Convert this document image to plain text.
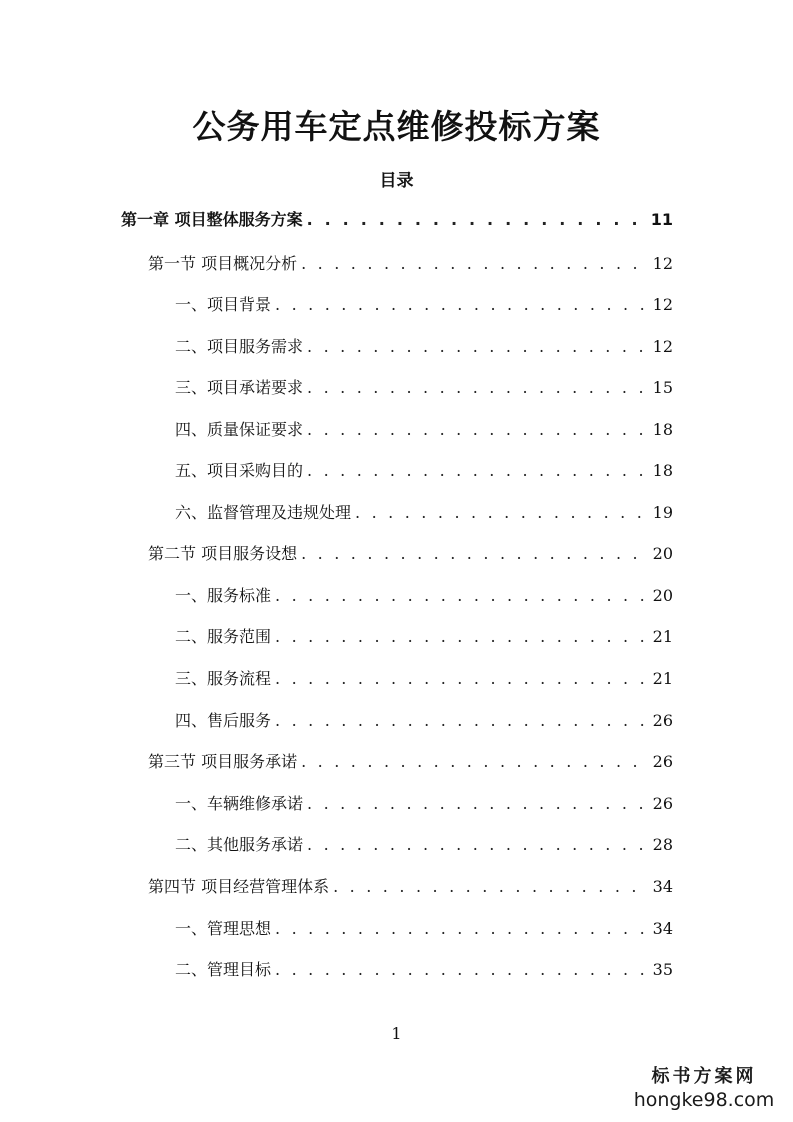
公务用车定点维修投标方案
目录
第一章 项目整体服务方案 . . .	11
第一节 项目概况分析 . . .	12
一、项目背景 . . .	12
二、项目服务需求 . . .	12
三、项目承诺要求 . . .	15
四、质量保证要求 . . .	18
五、项目采购目的 . . .	18
六、监督管理及违规处理 . . .	19
第二节 项目服务设想 . . .	20
一、服务标准 . . .	20
二、服务范围 . . .	21
三、服务流程 . . .	21
四、售后服务 . . .	26
第三节 项目服务承诺 . . .	26
一、车辆维修承诺 . . .	26
二、其他服务承诺 . . .	28
第四节 项目经营管理体系 . . .	34
一、管理思想 . . .	34
二、管理目标 . . .	35
1
标书方案网
hongke98.com
